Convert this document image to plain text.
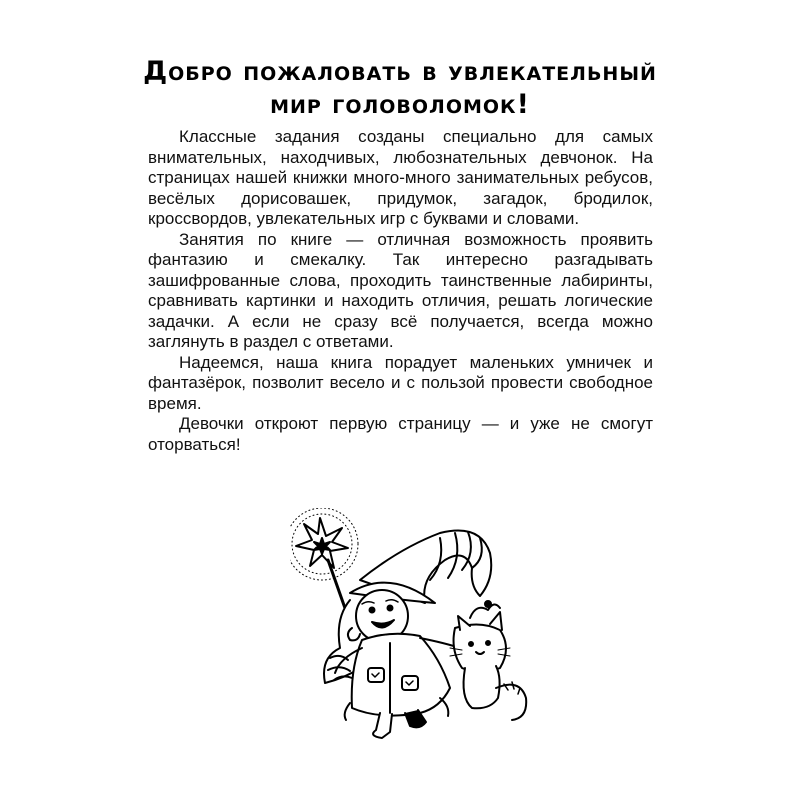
Добро пожаловать в увлекательный
мир головоломок!

Классные задания созданы специально для самых внимательных, находчивых, любознательных девчонок. На страницах нашей книжки много-много занимательных ребусов, весёлых дорисовашек, придумок, загадок, бродилок, кроссвордов, увлекательных игр с буквами и словами.

Занятия по книге — отличная возможность проявить фантазию и смекалку. Так интересно разгадывать зашифрованные слова, проходить таинственные лабиринты, сравнивать картинки и находить отличия, решать логические задачки. А если не сразу всё получается, всегда можно заглянуть в раздел с ответами.

Надеемся, наша книга порадует маленьких умничек и фантазёрок, позволит весело и с пользой провести свободное время.

Девочки откроют первую страницу — и уже не смогут оторваться!
